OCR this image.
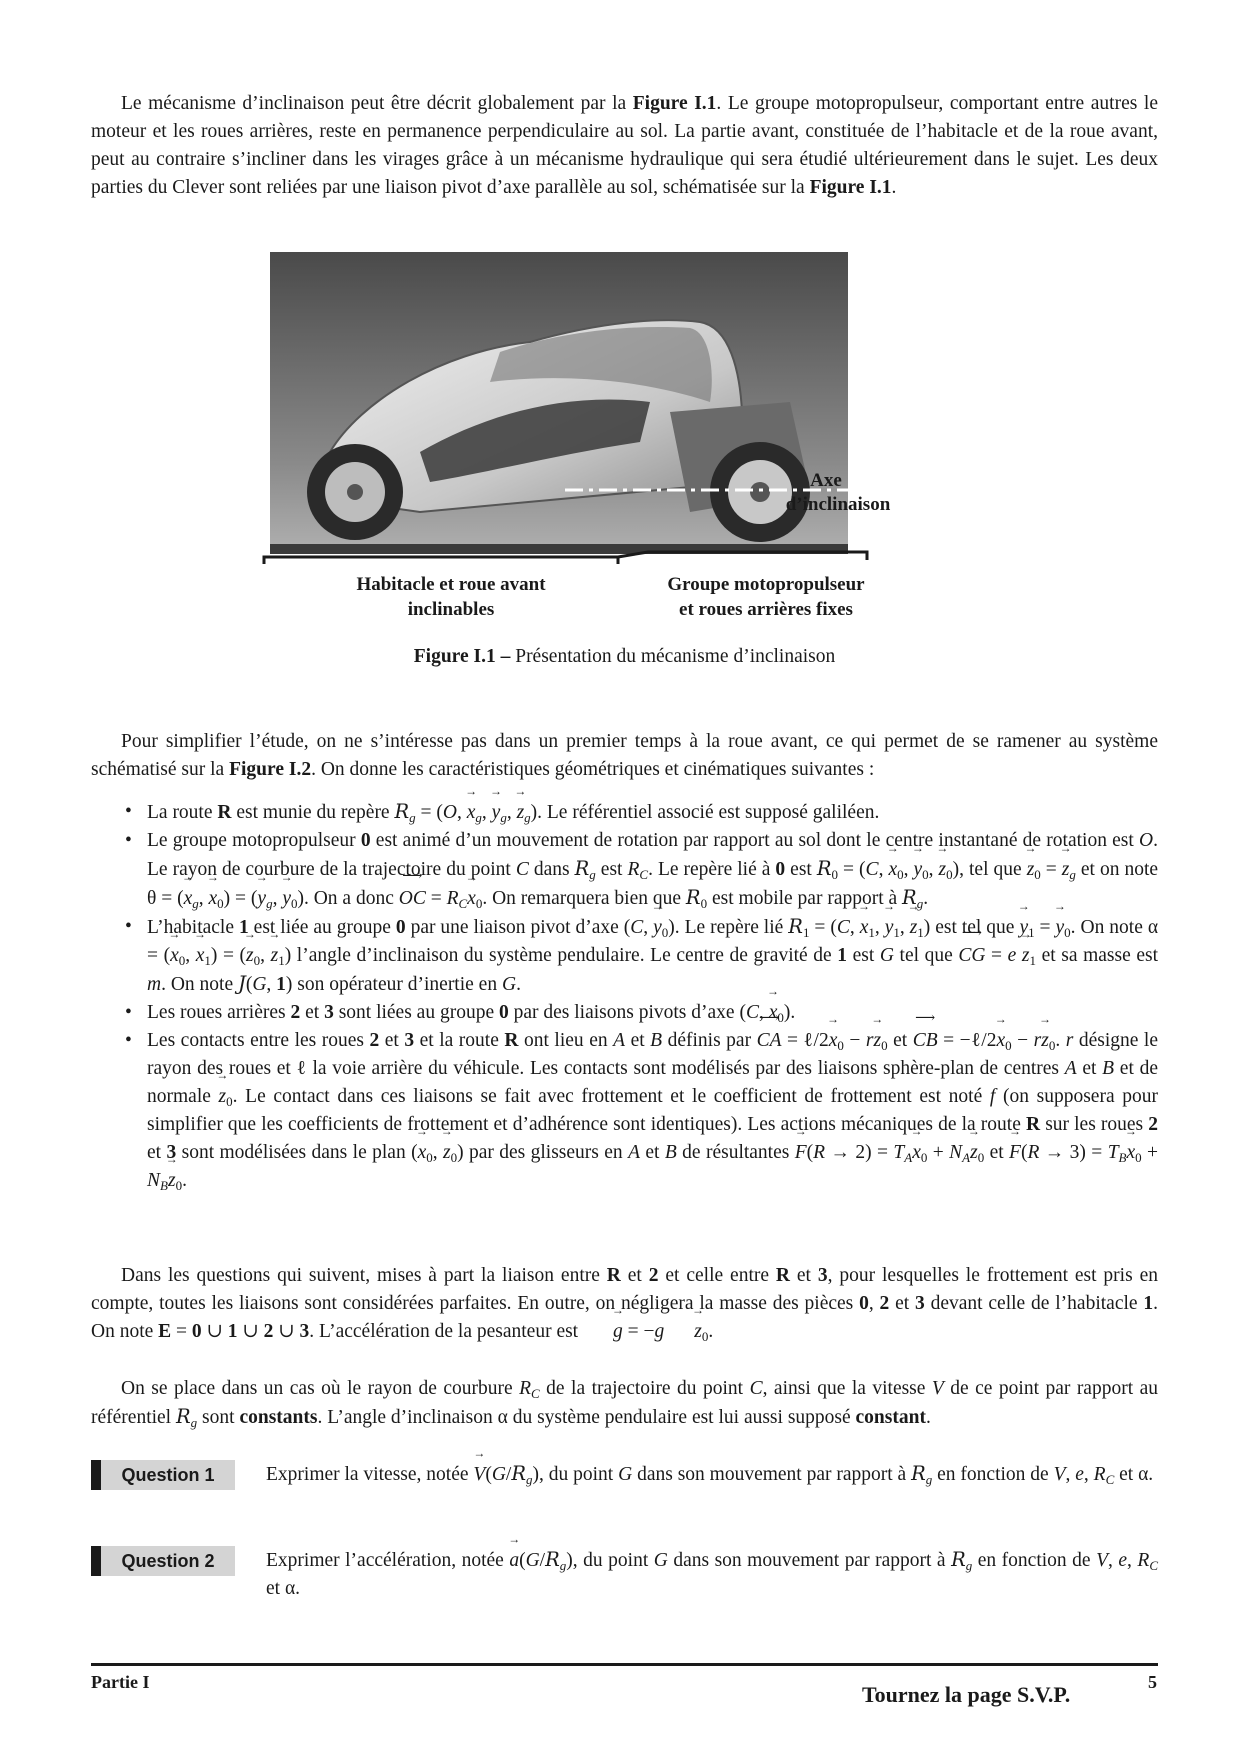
Le mécanisme d’inclinaison peut être décrit globalement par la Figure I.1. Le groupe motopropulseur, comportant entre autres le moteur et les roues arrières, reste en permanence perpendiculaire au sol. La partie avant, constituée de l’habitacle et de la roue avant, peut au contraire s’incliner dans les virages grâce à un mécanisme hydraulique qui sera étudié ultérieurement dans le sujet. Les deux parties du Clever sont reliées par une liaison pivot d’axe parallèle au sol, schématisée sur la Figure I.1.

Axe
d’inclinaison
Habitacle et roue avant
inclinables
Groupe motopropulseur
et roues arrières fixes
Figure I.1 – Présentation du mécanisme d’inclinaison

Pour simplifier l’étude, on ne s’intéresse pas dans un premier temps à la roue avant, ce qui permet de se ramener au système schématisé sur la Figure I.2. On donne les caractéristiques géométriques et cinématiques suivantes :

• La route R est munie du repère $R_g = (O$, → $x_g$, → $y_g$, → $z_g$). Le référentiel associé est supposé galiléen.
• Le groupe motopropulseur 0 est animé d’un mouvement de rotation par rapport au sol dont le centre instantané de rotation est O. Le rayon de courbure de la trajectoire du point C dans $R_g$ est $R_C$. Le repère lié à 0 est $R_0 = (C$, → $x_0$, → $y_0$, → $z_0$), tel que → $z_0$ = → $z_g$ et on note θ = (→ $x_g$, → $x_0$) = (→ $y_g$, → $y_0$). On a donc ⟶ OC = $R_C\to x_0$. On remarquera bien que $R_0$ est mobile par rapport à $R_g$.
• L’habitacle 1 est liée au groupe 0 par une liaison pivot d’axe (C, → $y_0$). Le repère lié $R_1 = (C$, → $x_1$, → $y_1$, → $z_1$) est tel que → $y_1$ = → $y_0$. On note α = (→ $x_0$, → $x_1$) = (→ $z_0$, → $z_1$) l’angle d’inclinaison du système pendulaire. Le centre de gravité de 1 est G tel que ⟶ CG = $e \to z_1$ et sa masse est m. On note J(G, 1) son opérateur d’inertie en G.
• Les roues arrières 2 et 3 sont liées au groupe 0 par des liaisons pivots d’axe (C, → $x_0$).
• Les contacts entre les roues 2 et 3 et la route R ont lieu en A et B définis par ⟶ CA = ℓ/2→ $x_0 - r\to z_0$ et ⟶ CB = −ℓ/2→ $x_0 - r\to z_0$. r désigne le rayon des roues et ℓ la voie arrière du véhicule. Les contacts sont modélisés par des liaisons sphère-plan de centres A et B et de normale → $z_0$. Le contact dans ces liaisons se fait avec frottement et le coefficient de frottement est noté f (on supposera pour simplifier que les coefficients de frottement et d’adhérence sont identiques). Les actions mécaniques de la route R sur les roues 2 et 3 sont modélisées dans le plan (→ $x_0$, → $z_0$) par des glisseurs en A et B de résultantes → $F(R \to 2) = T_A\to x_0 + N_A\to z_0$ et → $F(R \to 3) = T_B\to x_0 + N_B\to z_0$.

Dans les questions qui suivent, mises à part la liaison entre R et 2 et celle entre R et 3, pour lesquelles le frottement est pris en compte, toutes les liaisons sont considérées parfaites. En outre, on négligera la masse des pièces 0, 2 et 3 devant celle de l’habitacle 1. On note E = 0 ∪ 1 ∪ 2 ∪ 3. L’accélération de la pesanteur est → $g = -g \to z_0$.

On se place dans un cas où le rayon de courbure $R_C$ de la trajectoire du point C, ainsi que la vitesse V de ce point par rapport au référentiel $R_g$ sont constants. L’angle d’inclinaison α du système pendulaire est lui aussi supposé constant.

Question 1	Exprimer la vitesse, notée → $V(G/R_g)$, du point G dans son mouvement par rapport à $R_g$ en fonction de V, e, $R_C$ et α.
Question 2	Exprimer l’accélération, notée → $a(G/R_g)$, du point G dans son mouvement par rapport à $R_g$ en fonction de V, e, $R_C$ et α.
Partie I	Tournez la page S.V.P.	5
